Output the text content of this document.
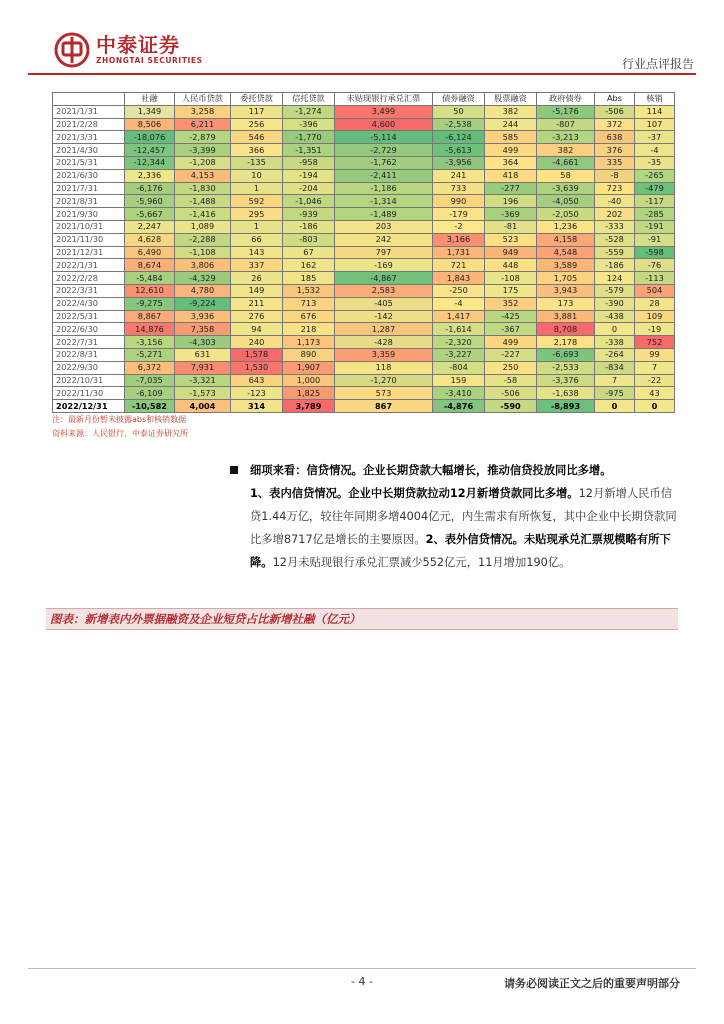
中泰证券
ZHONGTAI SECURITIES	行业点评报告
	社融	人民币贷款	委托贷款	信托贷款	未贴现银行承兑汇票	债券融资	股票融资	政府债券	Abs	核销
2021/1/31	1,349	3,258	117	-1,274	3,499	50	382	-5,176	-506	114
2021/2/28	8,506	6,211	256	-396	4,600	-2,538	244	-807	372	107
2021/3/31	-18,076	-2,879	546	-1,770	-5,114	-6,124	585	-3,213	638	-37
2021/4/30	-12,457	-3,399	366	-1,351	-2,729	-5,613	499	382	376	-4
2021/5/31	-12,344	-1,208	-135	-958	-1,762	-3,956	364	-4,661	335	-35
2021/6/30	2,336	4,153	10	-194	-2,411	241	418	58	-8	-265
2021/7/31	-6,176	-1,830	1	-204	-1,186	733	-277	-3,639	723	-479
2021/8/31	-5,960	-1,488	592	-1,046	-1,314	990	196	-4,050	-40	-117
2021/9/30	-5,667	-1,416	295	-939	-1,489	-179	-369	-2,050	202	-285
2021/10/31	2,247	1,089	1	-186	203	-2	-81	1,236	-333	-191
2021/11/30	4,628	-2,288	66	-803	242	3,166	523	4,158	-528	-91
2021/12/31	6,490	-1,108	143	67	797	1,731	949	4,548	-559	-598
2022/1/31	8,674	3,806	337	162	-169	721	448	3,589	-186	-76
2022/2/28	-5,484	-4,329	26	185	-4,867	1,843	-108	1,705	124	-113
2022/3/31	12,610	4,780	149	1,532	2,583	-250	175	3,943	-579	504
2022/4/30	-9,275	-9,224	211	713	-405	-4	352	173	-390	28
2022/5/31	8,867	3,936	276	676	-142	1,417	-425	3,881	-438	109
2022/6/30	14,876	7,358	94	218	1,287	-1,614	-367	8,708	0	-19
2022/7/31	-3,156	-4,303	240	1,173	-428	-2,320	499	2,178	-338	752
2022/8/31	-5,271	631	1,578	890	3,359	-3,227	-227	-6,693	-264	99
2022/9/30	6,372	7,931	1,530	1,907	118	-804	250	-2,533	-834	7
2022/10/31	-7,035	-3,321	643	1,000	-1,270	159	-58	-3,376	7	-22
2022/11/30	-6,109	-1,573	-123	1,825	573	-3,410	-506	-1,638	-975	43
2022/12/31	-10,582	4,004	314	3,789	867	-4,876	-590	-8,893	0	0
注：最新月份暂未披露abs和核销数据
资料来源：人民银行，中泰证券研究所
细项来看：信贷情况。企业长期贷款大幅增长，推动信贷投放同比多增。
1、表内信贷情况。企业中长期贷款拉动12月新增贷款同比多增。12月新增人民币信贷1.44万亿，较往年同期多增4004亿元，内生需求有所恢复，其中企业中长期贷款同比多增8717亿是增长的主要原因。2、表外信贷情况。未贴现承兑汇票规模略有所下降。12月未贴现银行承兑汇票减少552亿元，11月增加190亿。
图表：新增表内外票据融资及企业短贷占比新增社融（亿元）
- 4 -	请务必阅读正文之后的重要声明部分
